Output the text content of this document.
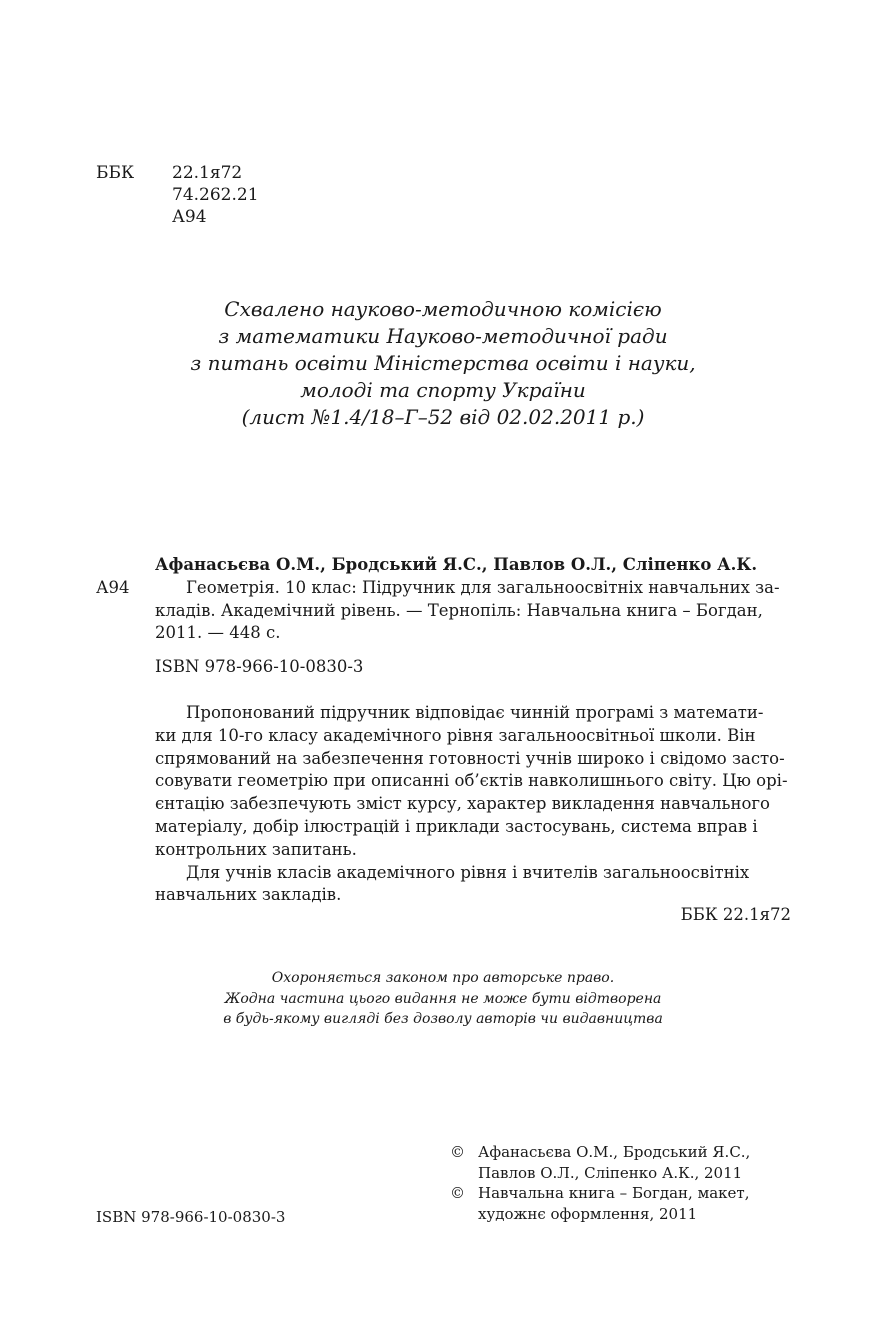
ББК 22.1я72
74.262.21
А94
Схвалено науково-методичною комісією
з математики Науково-методичної ради
з питань освіти Міністерства освіти і науки,
молоді та спорту України
(лист №1.4/18–Г–52 від 02.02.2011 р.)
Афанасьєва О.М., Бродський Я.С., Павлов О.Л., Сліпенко А.К.
А94	Геометрія. 10 клас: Підручник для загальноосвітніх навчальних за-
кладів. Академічний рівень. — Тернопіль: Навчальна книга – Богдан,
2011. — 448 с.
ISBN 978-966-10-0830-3
Пропонований підручник відповідає чинній програмі з математи-
ки для 10-го класу академічного рівня загальноосвітньої школи. Він
спрямований на забезпечення готовності учнів широко і свідомо засто-
совувати геометрію при описанні об’єктів навколишнього світу. Цю орі-
єнтацію забезпечують зміст курсу, характер викладення навчального
матеріалу, добір ілюстрацій і приклади застосувань, система вправ і
контрольних запитань.
Для учнів класів академічного рівня і вчителів загальноосвітніх
навчальних закладів.
ББК 22.1я72
Охороняється законом про авторське право.
Жодна частина цього видання не може бути відтворена
в будь-якому вигляді без дозволу авторів чи видавництва
© Афанасьєва О.М., Бродський Я.С.,
Павлов О.Л., Сліпенко А.К., 2011
© Навчальна книга – Богдан, макет,
художнє оформлення, 2011
ISBN 978-966-10-0830-3
